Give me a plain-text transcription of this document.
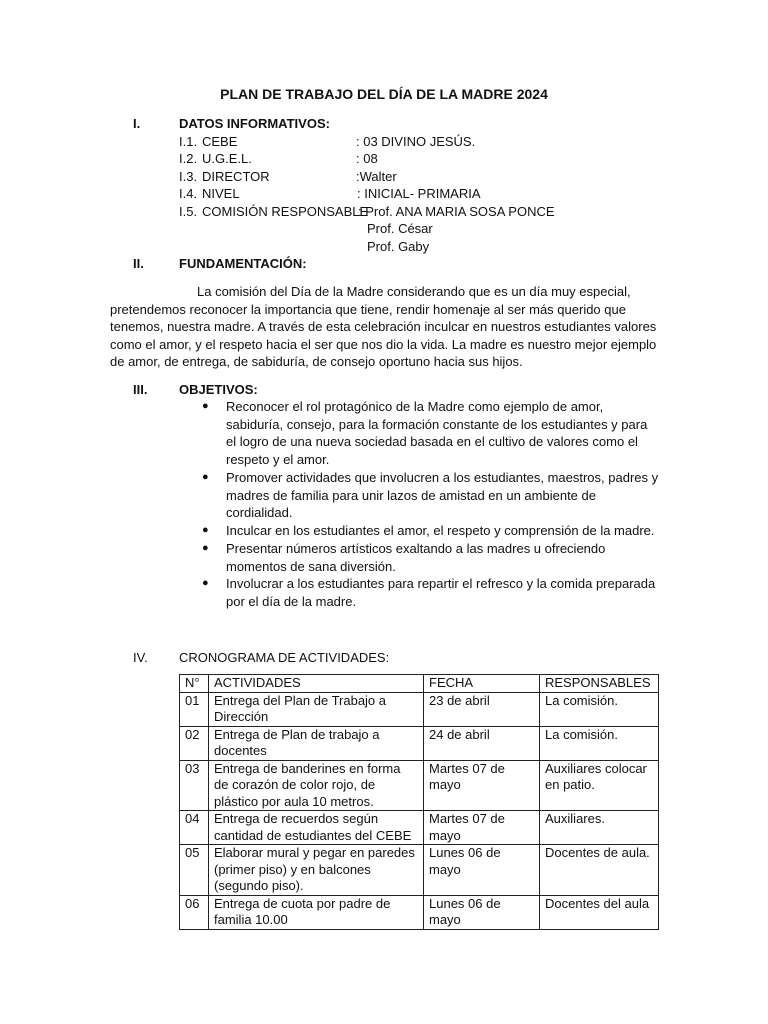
PLAN DE TRABAJO DEL DÍA DE LA MADRE 2024
I.	DATOS INFORMATIVOS:
I.1. CEBE	: 03 DIVINO JESÚS.
I.2. U.G.E.L.	: 08
I.3. DIRECTOR	:Walter
I.4. NIVEL	: INICIAL- PRIMARIA
I.5. COMISIÓN RESPONSABLE
: Prof. ANA MARIA SOSA PONCE
Prof. César
Prof. Gaby
II.	FUNDAMENTACIÓN:
La comisión del Día de la Madre considerando que es un día muy especial,
pretendemos reconocer la importancia que tiene, rendir homenaje al ser más querido que
tenemos, nuestra madre. A través de esta celebración inculcar en nuestros estudiantes valores
como el amor, y el respeto hacia el ser que nos dio la vida. La madre es nuestro mejor ejemplo
de amor, de entrega, de sabiduría, de consejo oportuno hacia sus hijos.
III. OBJETIVOS:
● Reconocer el rol protagónico de la Madre como ejemplo de amor,
sabiduría, consejo, para la formación constante de los estudiantes y para
el logro de una nueva sociedad basada en el cultivo de valores como el
respeto y el amor.
● Promover actividades que involucren a los estudiantes, maestros, padres y
madres de familia para unir lazos de amistad en un ambiente de
cordialidad.
● Inculcar en los estudiantes el amor, el respeto y comprensión de la madre.
● Presentar números artísticos exaltando a las madres u ofreciendo
momentos de sana diversión.
● Involucrar a los estudiantes para repartir el refresco y la comida preparada
por el día de la madre.
IV. CRONOGRAMA DE ACTIVIDADES:
N°	ACTIVIDADES	FECHA	RESPONSABLES
01	Entrega del Plan de Trabajo a
Dirección	23 de abril	La comisión.

02	Entrega de Plan de trabajo a
docentes	24 de abril	La comisión.

03	Entrega de banderines en forma
de corazón de color rojo, de
plástico por aula 10 metros.	Martes 07 de
mayo	Auxiliares colocar
en patio.

04	Entrega de recuerdos según
cantidad de estudiantes del CEBE	Martes 07 de
mayo	Auxiliares.

05	Elaborar mural y pegar en paredes
(primer piso) y en balcones
(segundo piso).	Lunes 06 de
mayo	Docentes de aula.

06	Entrega de cuota por padre de
familia 10.00	Lunes 06 de
mayo	Docentes del aula
